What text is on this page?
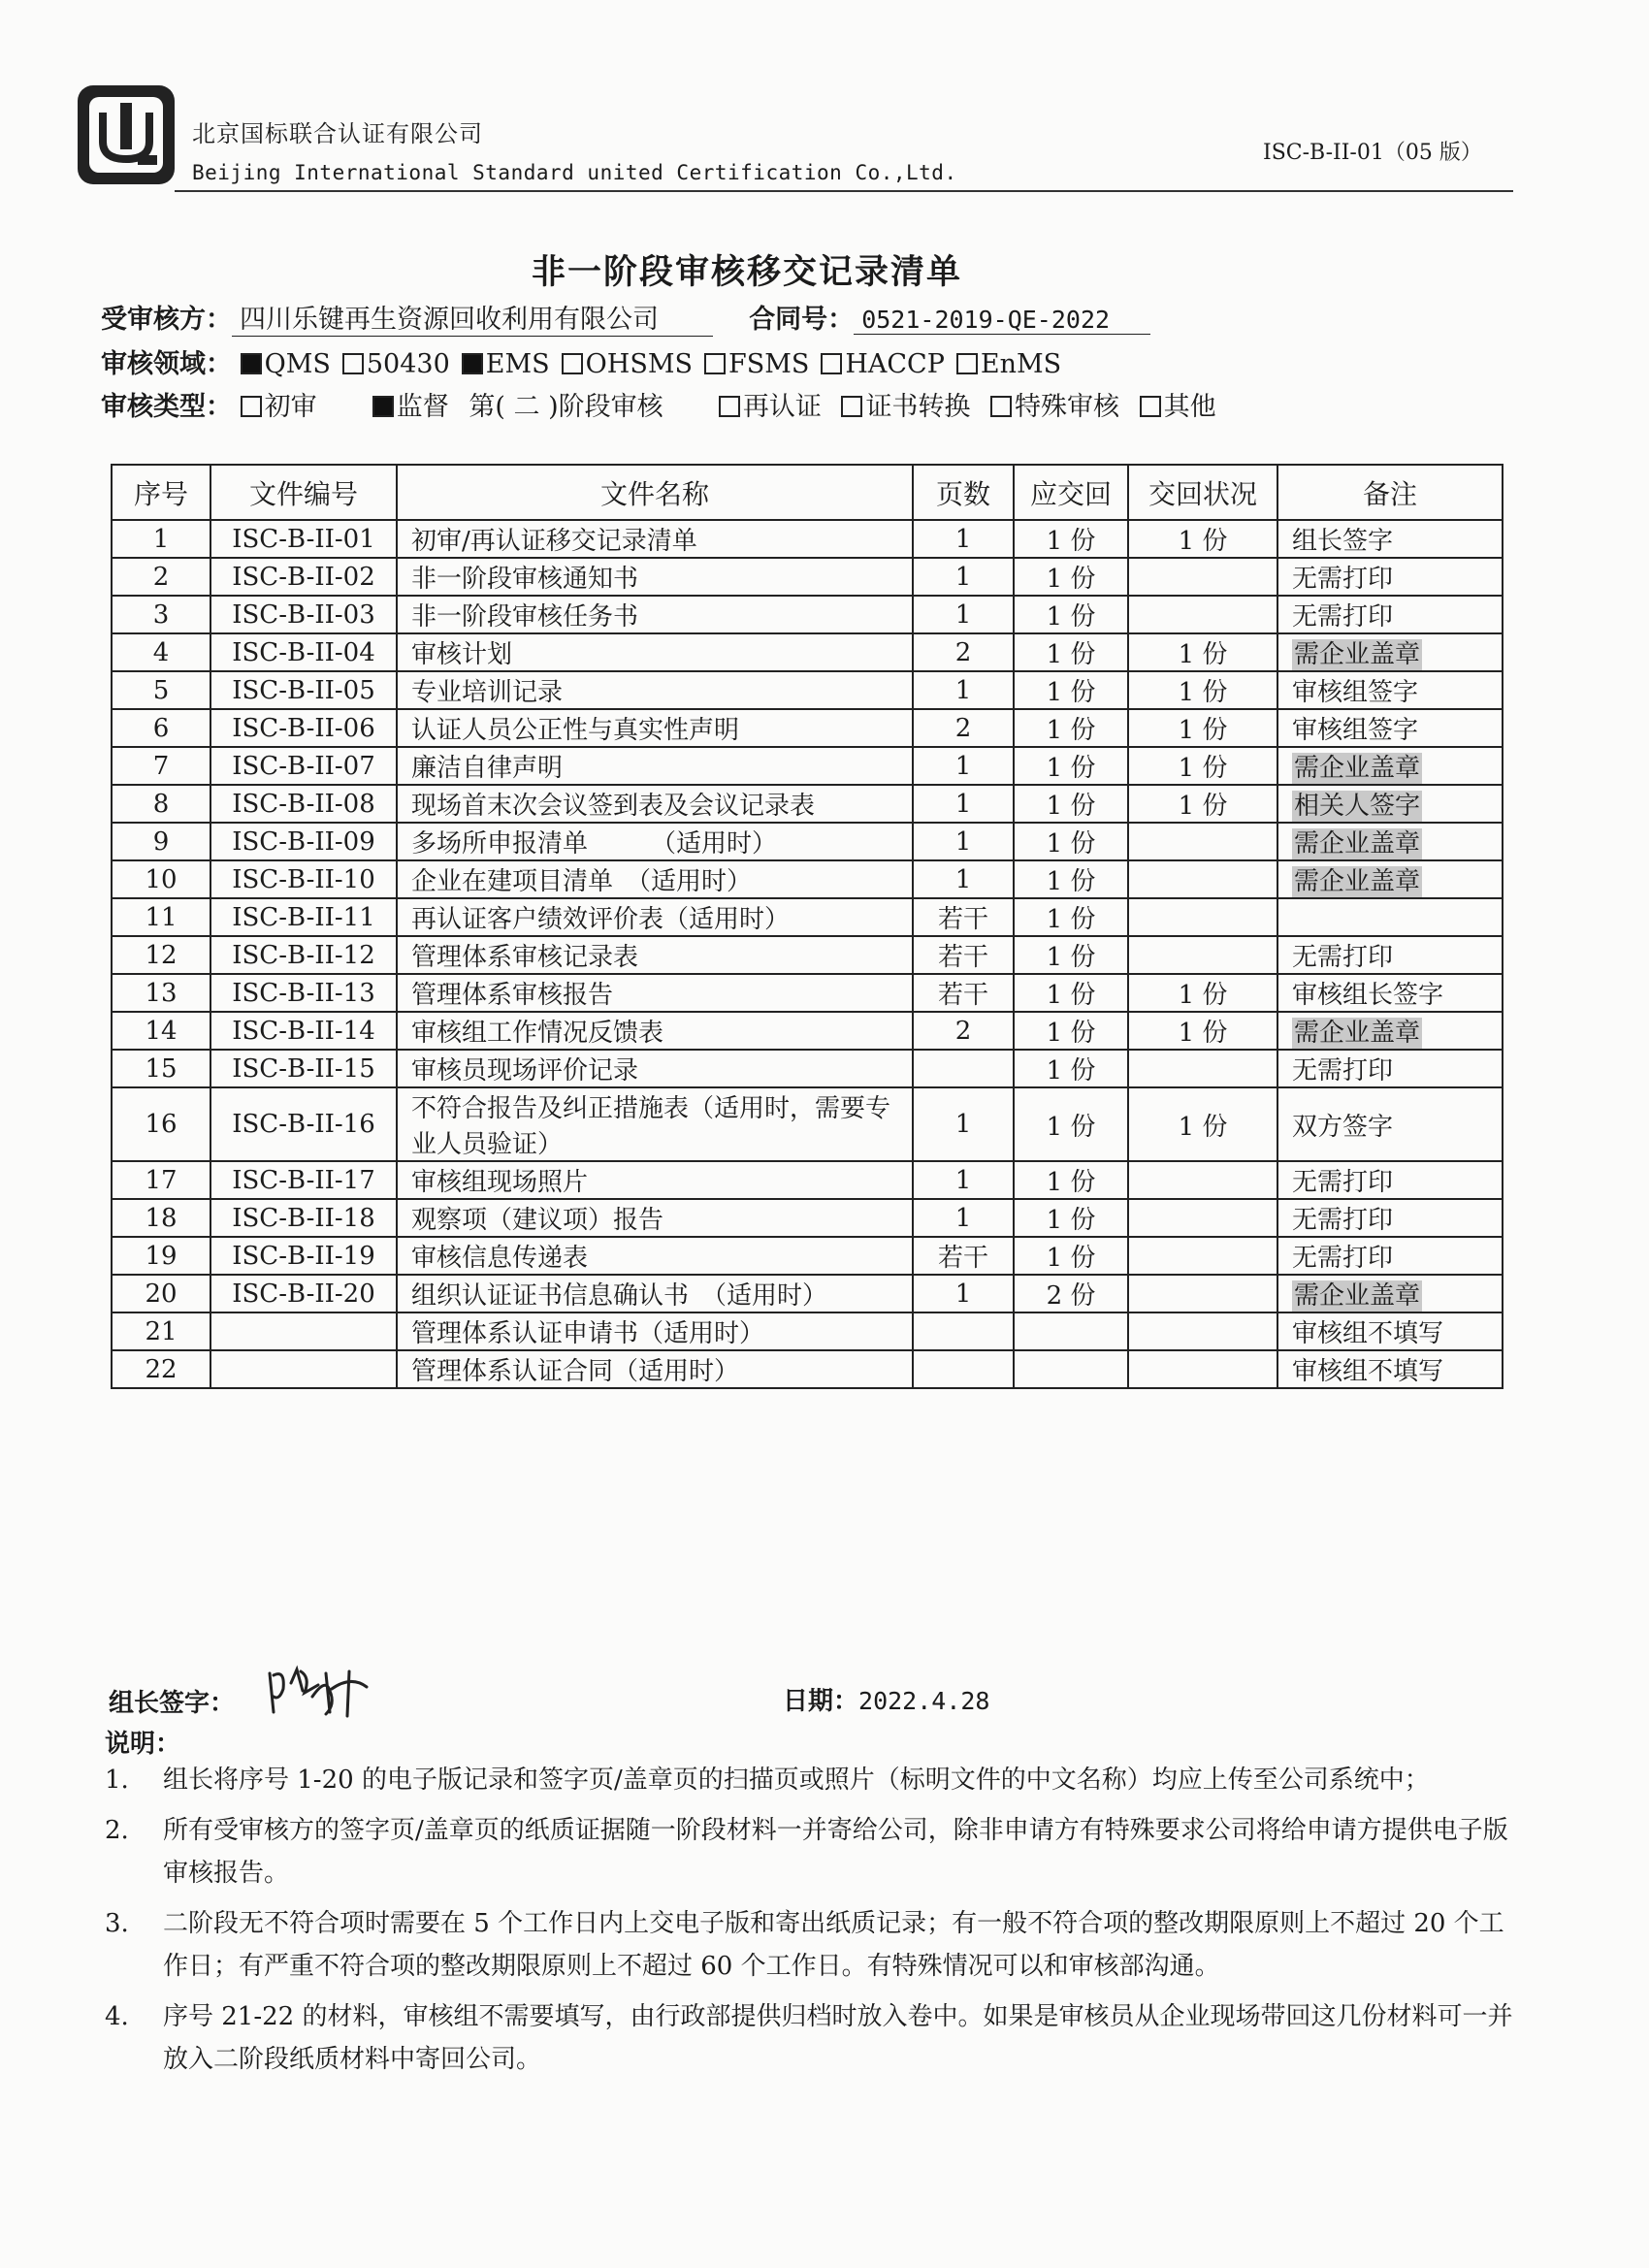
北京国标联合认证有限公司
Beijing International Standard united Certification Co.,Ltd.
ISC-B-II-01（05 版）
非一阶段审核移交记录清单
受审核方： 四川乐键再生资源回收利用有限公司	合同号： 0521-2019-QE-2022
审核领域： QMS 50430 EMS OHSMS FSMS HACCP EnMS
审核类型： 初审	监督 第( 二 )阶段审核	再认证 证书转换 特殊审核 其他
序号	文件编号	文件名称	页数	应交回	交回状况	备注
1	ISC-B-II-01	初审/再认证移交记录清单	1	1 份	1 份	组长签字
2	ISC-B-II-02	非一阶段审核通知书	1	1 份		无需打印
3	ISC-B-II-03	非一阶段审核任务书	1	1 份		无需打印
4	ISC-B-II-04	审核计划	2	1 份	1 份	需企业盖章
5	ISC-B-II-05	专业培训记录	1	1 份	1 份	审核组签字
6	ISC-B-II-06	认证人员公正性与真实性声明	2	1 份	1 份	审核组签字
7	ISC-B-II-07	廉洁自律声明	1	1 份	1 份	需企业盖章
8	ISC-B-II-08	现场首末次会议签到表及会议记录表	1	1 份	1 份	相关人签字
9	ISC-B-II-09	多场所申报清单　　　（适用时）	1	1 份		需企业盖章
10	ISC-B-II-10	企业在建项目清单　（适用时）	1	1 份		需企业盖章
11	ISC-B-II-11	再认证客户绩效评价表（适用时）	若干	1 份		
12	ISC-B-II-12	管理体系审核记录表	若干	1 份		无需打印
13	ISC-B-II-13	管理体系审核报告	若干	1 份	1 份	审核组长签字
14	ISC-B-II-14	审核组工作情况反馈表	2	1 份	1 份	需企业盖章
15	ISC-B-II-15	审核员现场评价记录		1 份		无需打印
16	ISC-B-II-16	不符合报告及纠正措施表（适用时，需要专业人员验证）	1	1 份	1 份	双方签字
17	ISC-B-II-17	审核组现场照片	1	1 份		无需打印
18	ISC-B-II-18	观察项（建议项）报告	1	1 份		无需打印
19	ISC-B-II-19	审核信息传递表	若干	1 份		无需打印
20	ISC-B-II-20	组织认证证书信息确认书　（适用时）	1	2 份		需企业盖章
21		管理体系认证申请书（适用时）				审核组不填写
22		管理体系认证合同（适用时）				审核组不填写
组长签字：	日期：2022.4.28
说明：
1.	组长将序号 1-20 的电子版记录和签字页/盖章页的扫描页或照片（标明文件的中文名称）均应上传至公司系统中；
2.	所有受审核方的签字页/盖章页的纸质证据随一阶段材料一并寄给公司，除非申请方有特殊要求公司将给申请方提供电子版审核报告。
3.	二阶段无不符合项时需要在 5 个工作日内上交电子版和寄出纸质记录；有一般不符合项的整改期限原则上不超过 20 个工作日；有严重不符合项的整改期限原则上不超过 60 个工作日。有特殊情况可以和审核部沟通。
4.	序号 21-22 的材料，审核组不需要填写，由行政部提供归档时放入卷中。如果是审核员从企业现场带回这几份材料可一并放入二阶段纸质材料中寄回公司。
